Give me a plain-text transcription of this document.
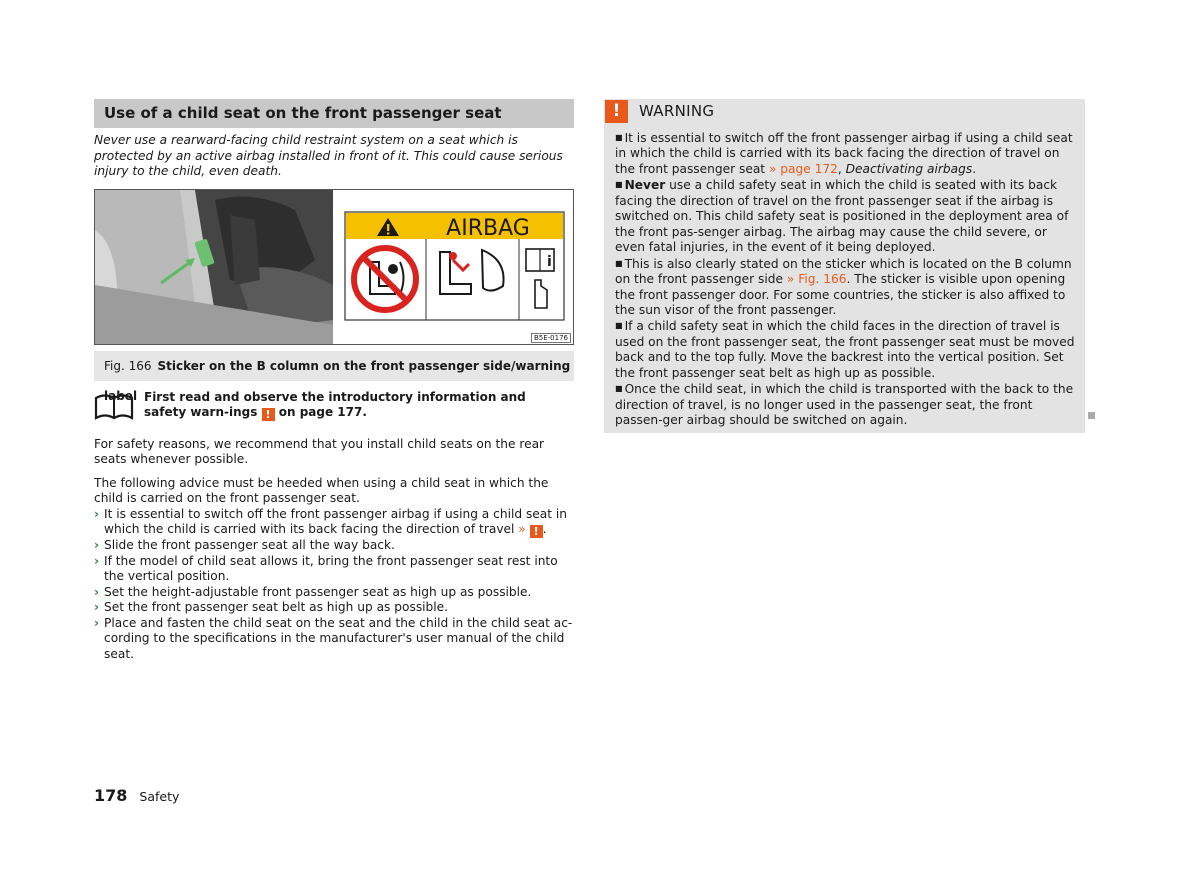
Use of a child seat on the front passenger seat

Never use a rearward-facing child restraint system on a seat which is protected by an active airbag installed in front of it. This could cause serious injury to the child, even death.

AIRBAG
i
B5E-0176
Fig. 166 Sticker on the B column on the front passenger side/warning label First read and observe the introductory information and safety warn-ings ! on page 177.

For safety reasons, we recommend that you install child seats on the rear seats whenever possible.

The following advice must be heeded when using a child seat in which the child is carried on the front passenger seat.

› It is essential to switch off the front passenger airbag if using a child seat in which the child is carried with its back facing the direction of travel » ! .
› Slide the front passenger seat all the way back.
› If the model of child seat allows it, bring the front passenger seat rest into the vertical position.
› Set the height-adjustable front passenger seat as high up as possible.
› Set the front passenger seat belt as high up as possible.
› Place and fasten the child seat on the seat and the child in the child seat ac-cording to the specifications in the manufacturer's user manual of the child seat.
!	WARNING

■ It is essential to switch off the front passenger airbag if using a child seat in which the child is carried with its back facing the direction of travel on the front passenger seat » page 172, Deactivating airbags.

■ Never use a child safety seat in which the child is seated with its back facing the direction of travel on the front passenger seat if the airbag is switched on. This child safety seat is positioned in the deployment area of the front pas-senger airbag. The airbag may cause the child severe, or even fatal injuries, in the event of it being deployed.

■ This is also clearly stated on the sticker which is located on the B column on the front passenger side » Fig. 166. The sticker is visible upon opening the front passenger door. For some countries, the sticker is also affixed to the sun visor of the front passenger.

■ If a child safety seat in which the child faces in the direction of travel is used on the front passenger seat, the front passenger seat must be moved back and to the top fully. Move the backrest into the vertical position. Set the front passenger seat belt as high up as possible.

■ Once the child seat, in which the child is transported with the back to the direction of travel, is no longer used in the passenger seat, the front passen-ger airbag should be switched on again.

178 Safety
